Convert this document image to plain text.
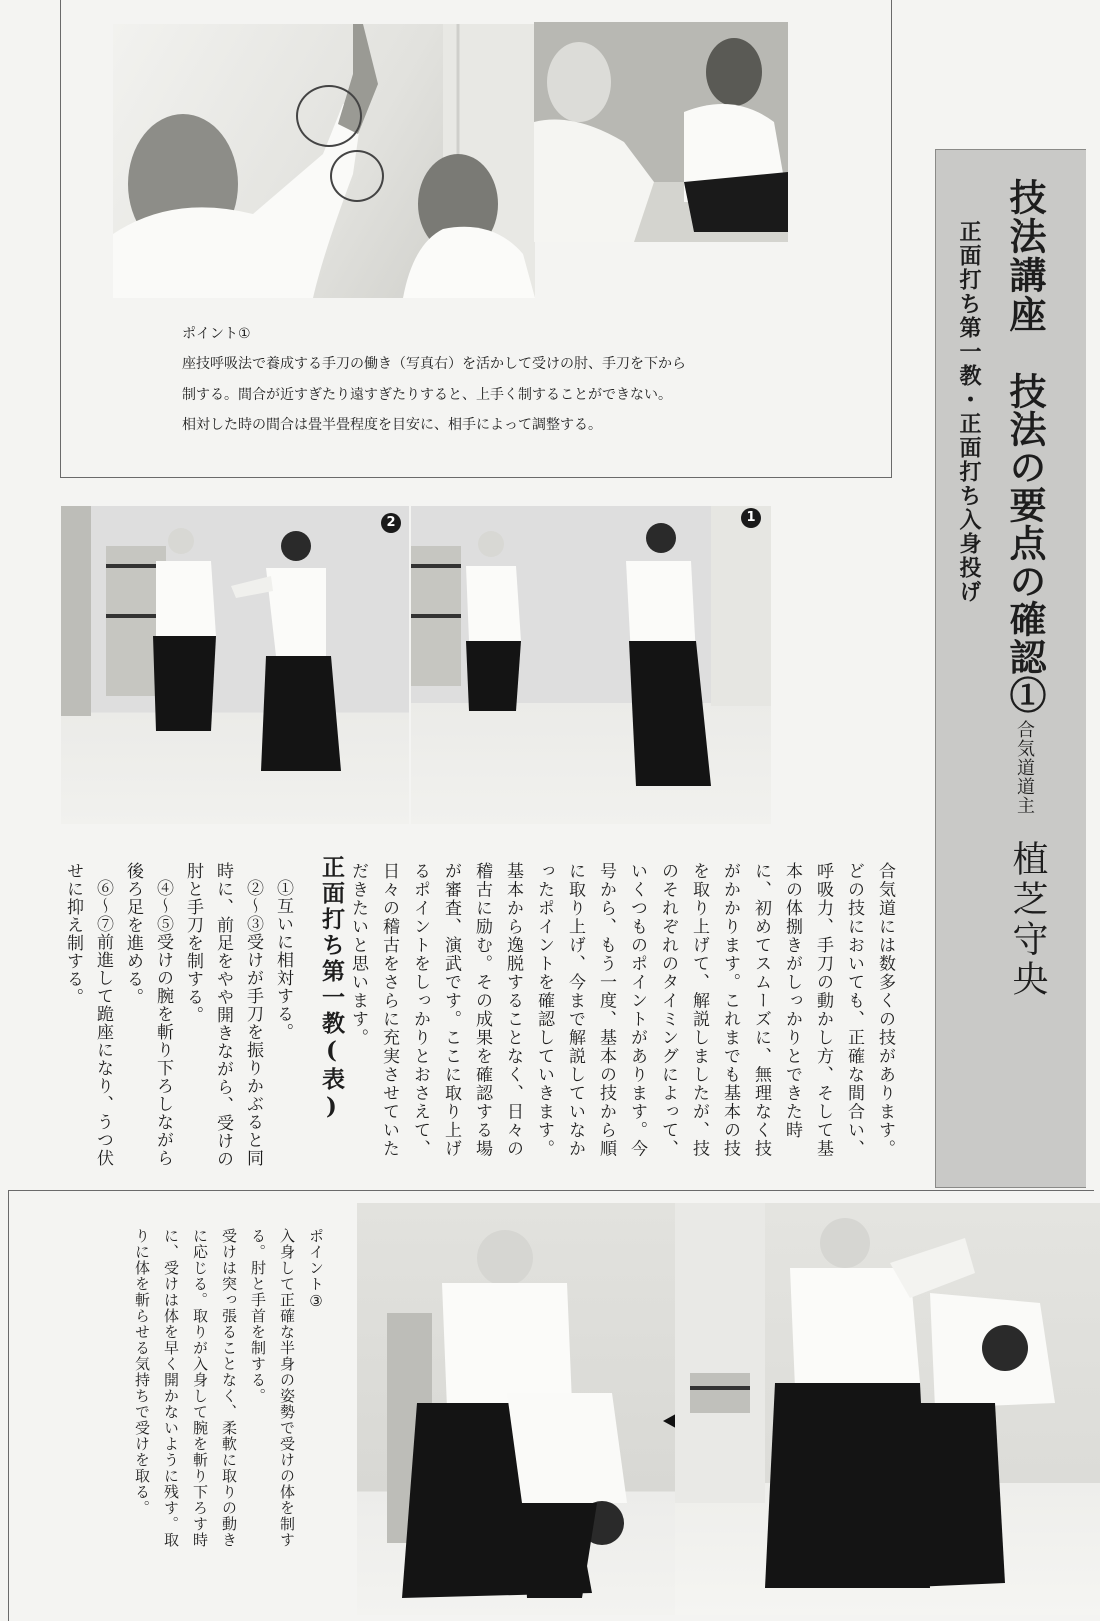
ポイント①
座技呼吸法で養成する手刀の働き（写真右）を活かして受けの肘、手刀を下から
制する。間合が近すぎたり遠すぎたりすると、上手く制することができない。
相対した時の間合は畳半畳程度を目安に、相手によって調整する。
技法講座
技法の要点の確認①
正面打ち第一教・正面打ち入身投げ
合気道道主
植芝守央
2	1
合気道には数多くの技があります。どの技においても、正確な間合い、呼吸力、手刀の動かし方、そして基本の体捌きがしっかりとできた時に、初めてスムーズに、無理なく技がかかります。これまでも基本の技を取り上げて、解説しましたが、技のそれぞれのタイミングによって、いくつものポイントがあります。今号から、もう一度、基本の技から順に取り上げ、今まで解説していなかったポイントを確認していきます。基本から逸脱することなく、日々の稽古に励む。その成果を確認する場が審査、演武です。ここに取り上げるポイントをしっかりとおさえて、日々の稽古をさらに充実させていただきたいと思います。
正面打ち第一教(表)

①互いに相対する。

②～③受けが手刀を振りかぶると同時に、前足をやや開きながら、受けの肘と手刀を制する。

④～⑤受けの腕を斬り下ろしながら後ろ足を進める。

⑥～⑦前進して跪座になり、うつ伏せに抑え制する。

ポイント③

入身して正確な半身の姿勢で受けの体を制する。肘と手首を制する。

受けは突っ張ることなく、柔軟に取りの動きに応じる。取りが入身して腕を斬り下ろす時に、受けは体を早く開かないように残す。取りに体を斬らせる気持ちで受けを取る。
